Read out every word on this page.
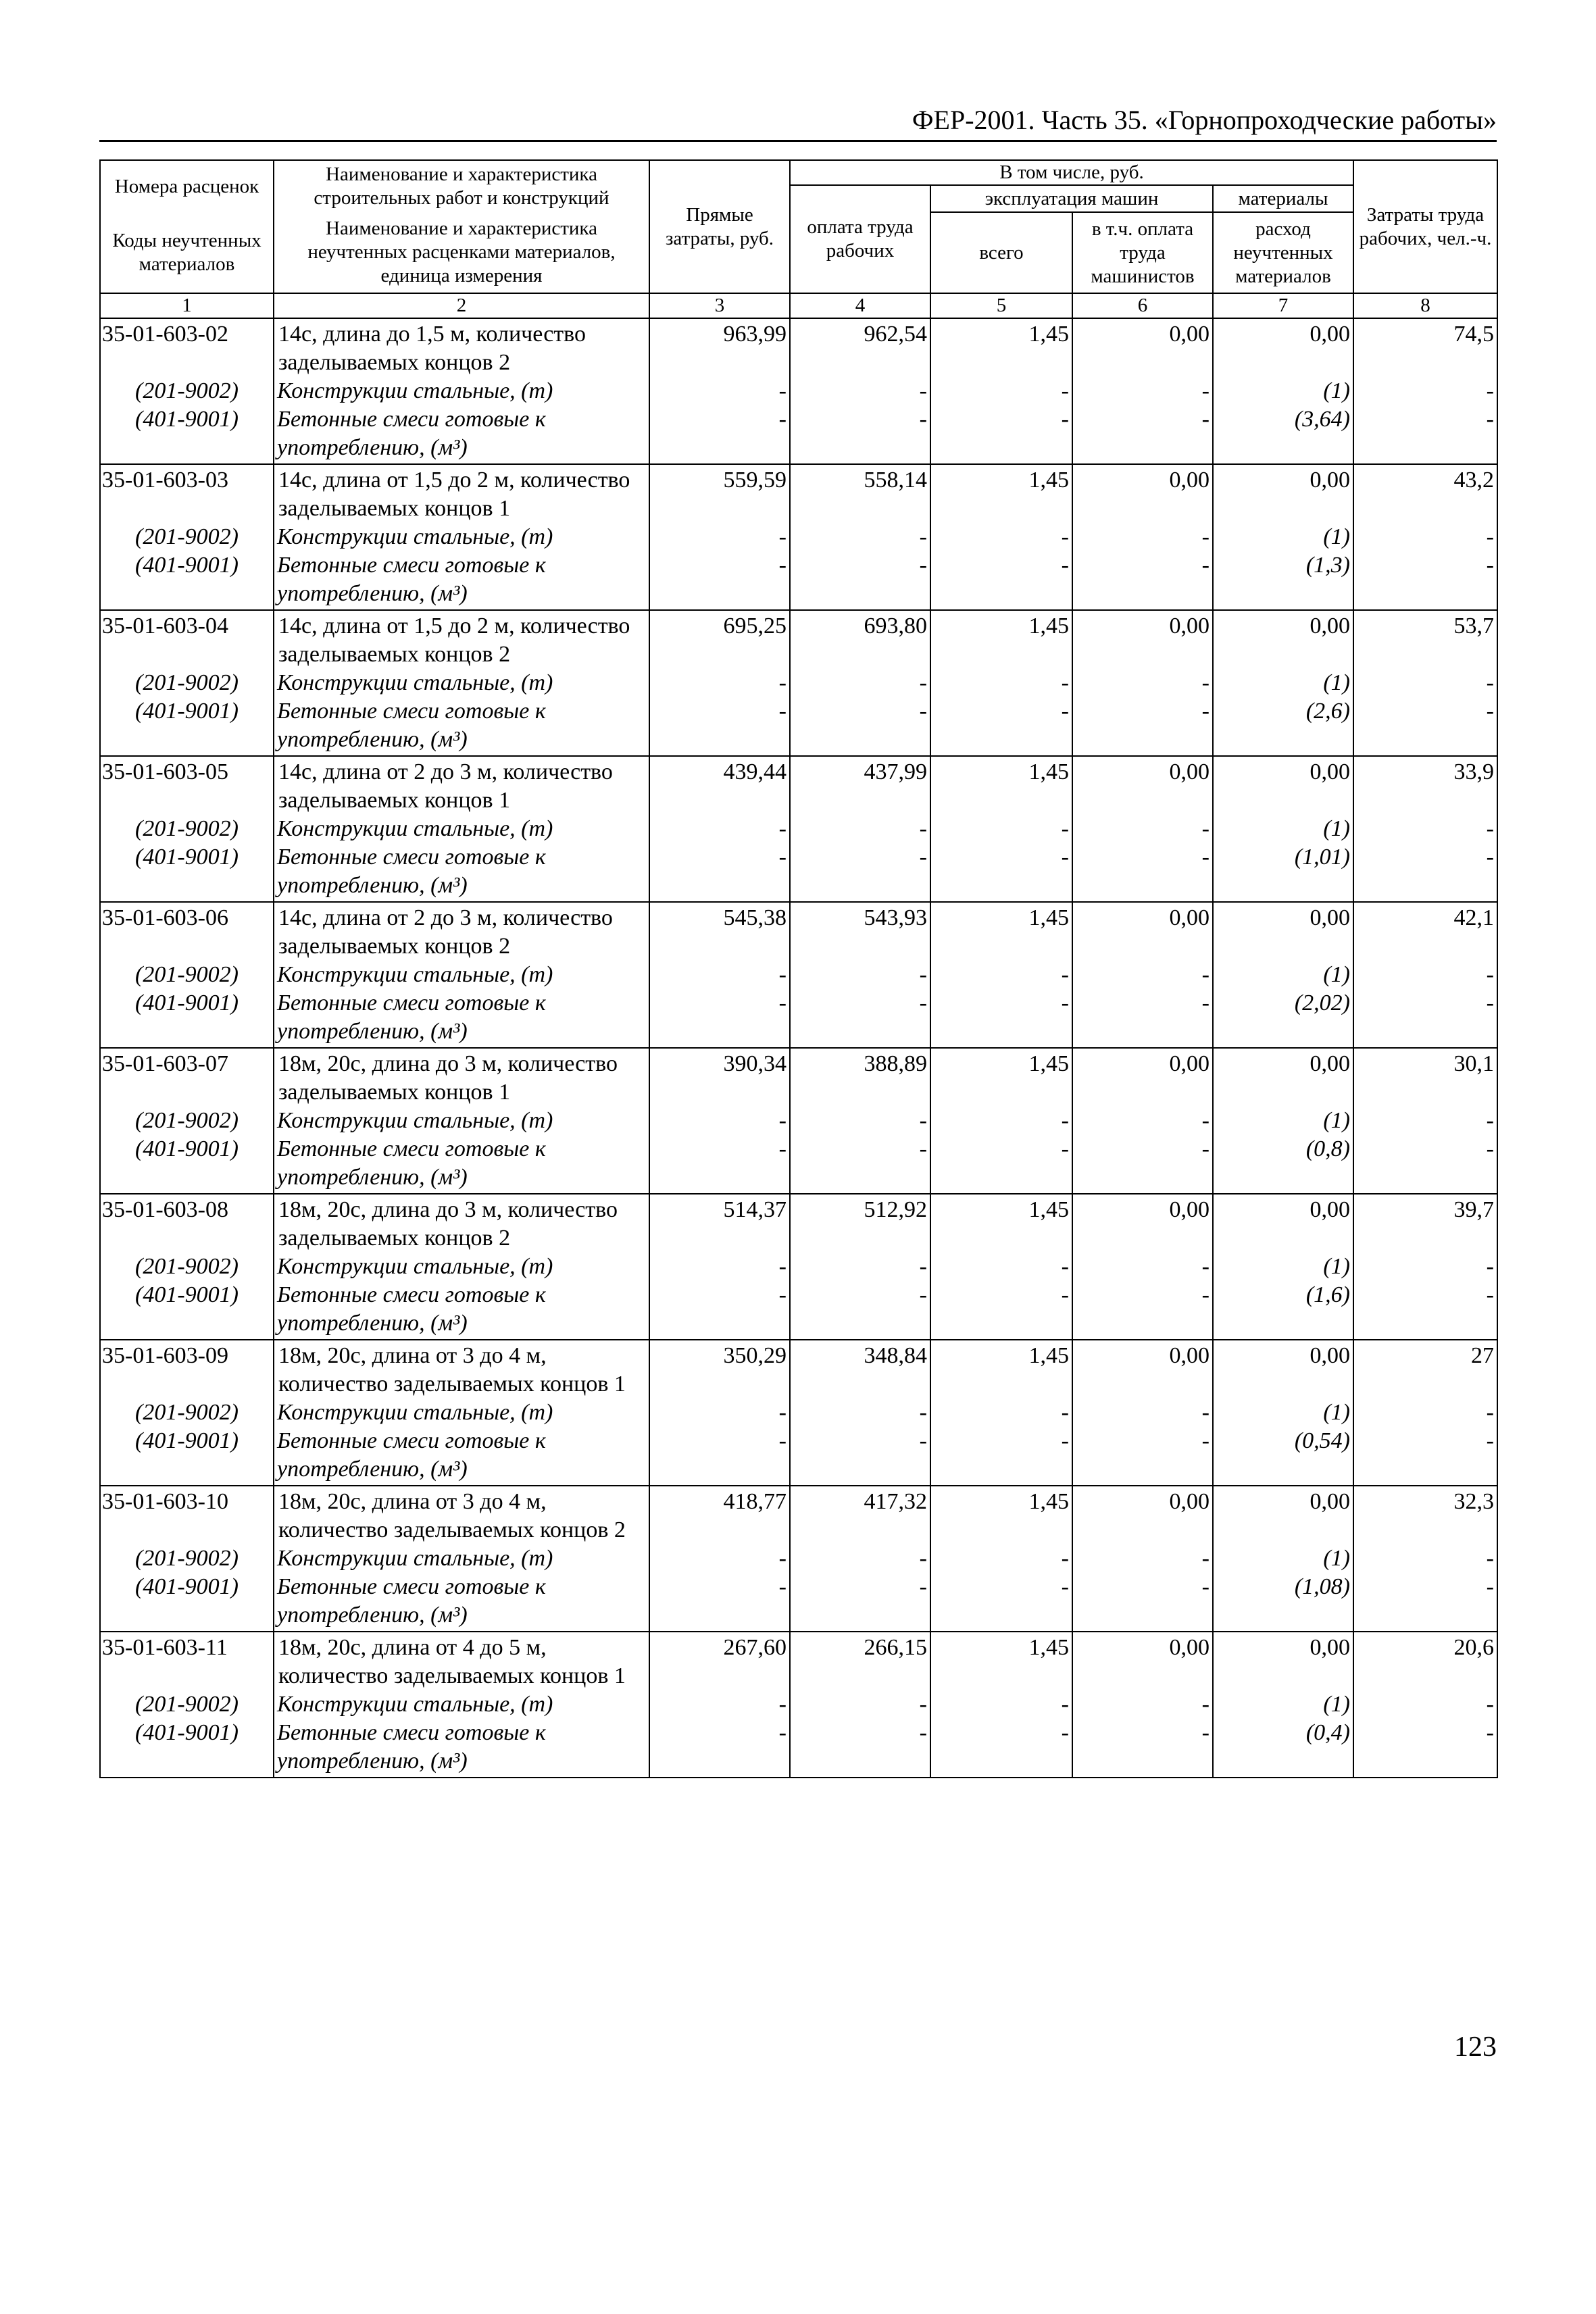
ФЕР-2001. Часть 35. «Горнопроходческие работы»
Номера расценок	Наименование и характеристика строительных работ и конструкций	Прямые затраты, руб.	В том числе, руб.				Затраты труда рабочих, чел.-ч.
			оплата труда рабочих	эксплуатация машин		материалы	
Коды неучтенных материалов	Наименование и характеристика неучтенных расценками материалов, единица измерения			всего	в т.ч. оплата труда машинистов	расход неучтенных материалов	

1	2	3	4	5	6	7	8
35-01-603-02	14с, длина до 1,5 м, количество заделываемых концов 2	963,99	962,54	1,45	0,00	0,00	74,5
(201-9002)	Конструкции стальные, (т)	-	-	-	-	(1)	-
(401-9001)	Бетонные смеси готовые к употреблению, (м³)	-	-	-	-	(3,64)	-
35-01-603-03	14с, длина от 1,5 до 2 м, количество заделываемых концов 1	559,59	558,14	1,45	0,00	0,00	43,2
(201-9002)	Конструкции стальные, (т)	-	-	-	-	(1)	-
(401-9001)	Бетонные смеси готовые к употреблению, (м³)	-	-	-	-	(1,3)	-
35-01-603-04	14с, длина от 1,5 до 2 м, количество заделываемых концов 2	695,25	693,80	1,45	0,00	0,00	53,7
(201-9002)	Конструкции стальные, (т)	-	-	-	-	(1)	-
(401-9001)	Бетонные смеси готовые к употреблению, (м³)	-	-	-	-	(2,6)	-
35-01-603-05	14с, длина от 2 до 3 м, количество заделываемых концов 1	439,44	437,99	1,45	0,00	0,00	33,9
(201-9002)	Конструкции стальные, (т)	-	-	-	-	(1)	-
(401-9001)	Бетонные смеси готовые к употреблению, (м³)	-	-	-	-	(1,01)	-
35-01-603-06	14с, длина от 2 до 3 м, количество заделываемых концов 2	545,38	543,93	1,45	0,00	0,00	42,1
(201-9002)	Конструкции стальные, (т)	-	-	-	-	(1)	-
(401-9001)	Бетонные смеси готовые к употреблению, (м³)	-	-	-	-	(2,02)	-
35-01-603-07	18м, 20с, длина до 3 м, количество заделываемых концов 1	390,34	388,89	1,45	0,00	0,00	30,1
(201-9002)	Конструкции стальные, (т)	-	-	-	-	(1)	-
(401-9001)	Бетонные смеси готовые к употреблению, (м³)	-	-	-	-	(0,8)	-
35-01-603-08	18м, 20с, длина до 3 м, количество заделываемых концов 2	514,37	512,92	1,45	0,00	0,00	39,7
(201-9002)	Конструкции стальные, (т)	-	-	-	-	(1)	-
(401-9001)	Бетонные смеси готовые к употреблению, (м³)	-	-	-	-	(1,6)	-
35-01-603-09	18м, 20с, длина от 3 до 4 м, количество заделываемых концов 1	350,29	348,84	1,45	0,00	0,00	27
(201-9002)	Конструкции стальные, (т)	-	-	-	-	(1)	-
(401-9001)	Бетонные смеси готовые к употреблению, (м³)	-	-	-	-	(0,54)	-
35-01-603-10	18м, 20с, длина от 3 до 4 м, количество заделываемых концов 2	418,77	417,32	1,45	0,00	0,00	32,3
(201-9002)	Конструкции стальные, (т)	-	-	-	-	(1)	-
(401-9001)	Бетонные смеси готовые к употреблению, (м³)	-	-	-	-	(1,08)	-
35-01-603-11	18м, 20с, длина от 4 до 5 м, количество заделываемых концов 1	267,60	266,15	1,45	0,00	0,00	20,6
(201-9002)	Конструкции стальные, (т)	-	-	-	-	(1)	-
(401-9001)	Бетонные смеси готовые к употреблению, (м³)	-	-	-	-	(0,4)	-
123
